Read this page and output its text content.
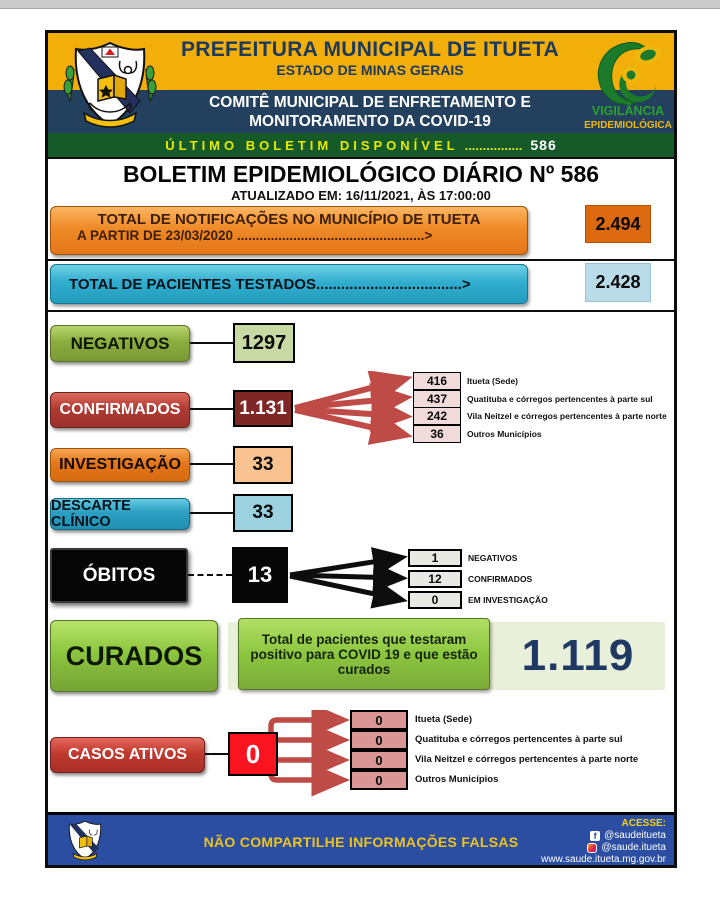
VIGILÂNCIA
EPIDEMIOLÓGICA
PREFEITURA MUNICIPAL DE ITUETA
ESTADO DE MINAS GERAIS
COMITÊ MUNICIPAL DE ENFRETAMENTO E
MONITORAMENTO DA COVID-19
ÚLTIMO BOLETIM DISPONÍVEL ................ 586
BOLETIM EPIDEMIOLÓGICO DIÁRIO Nº 586
ATUALIZADO EM: 16/11/2021, ÀS 17:00:00
TOTAL DE NOTIFICAÇÕES NO MUNICÍPIO DE ITUETA
A PARTIR DE 23/03/2020 ..................................................>
2.494
TOTAL DE PACIENTES TESTADOS...................................>	2.428
NEGATIVOS	1297
CONFIRMADOS	1.131
416	Itueta (Sede)
437	Quatituba e córregos pertencentes à parte sul
242	Vila Neitzel e córregos pertencentes à parte norte
36	Outros Municípios
INVESTIGAÇÃO	33
DESCARTE CLÍNICO	33
ÓBITOS	13
1	NEGATIVOS
12	CONFIRMADOS
0	EM INVESTIGAÇÃO
CURADOS
Total de pacientes que testaram positivo para COVID 19 e que estão curados	1.119
CASOS ATIVOS	0
0	Itueta (Sede)
0	Quatituba e córregos pertencentes à parte sul
0	Vila Neitzel e córregos pertencentes à parte norte
0	Outros Municípios
NÃO COMPARTILHE INFORMAÇÕES FALSAS
ACESSE:
f @saudeitueta
@saude.itueta
www.saude.itueta.mg.gov.br
